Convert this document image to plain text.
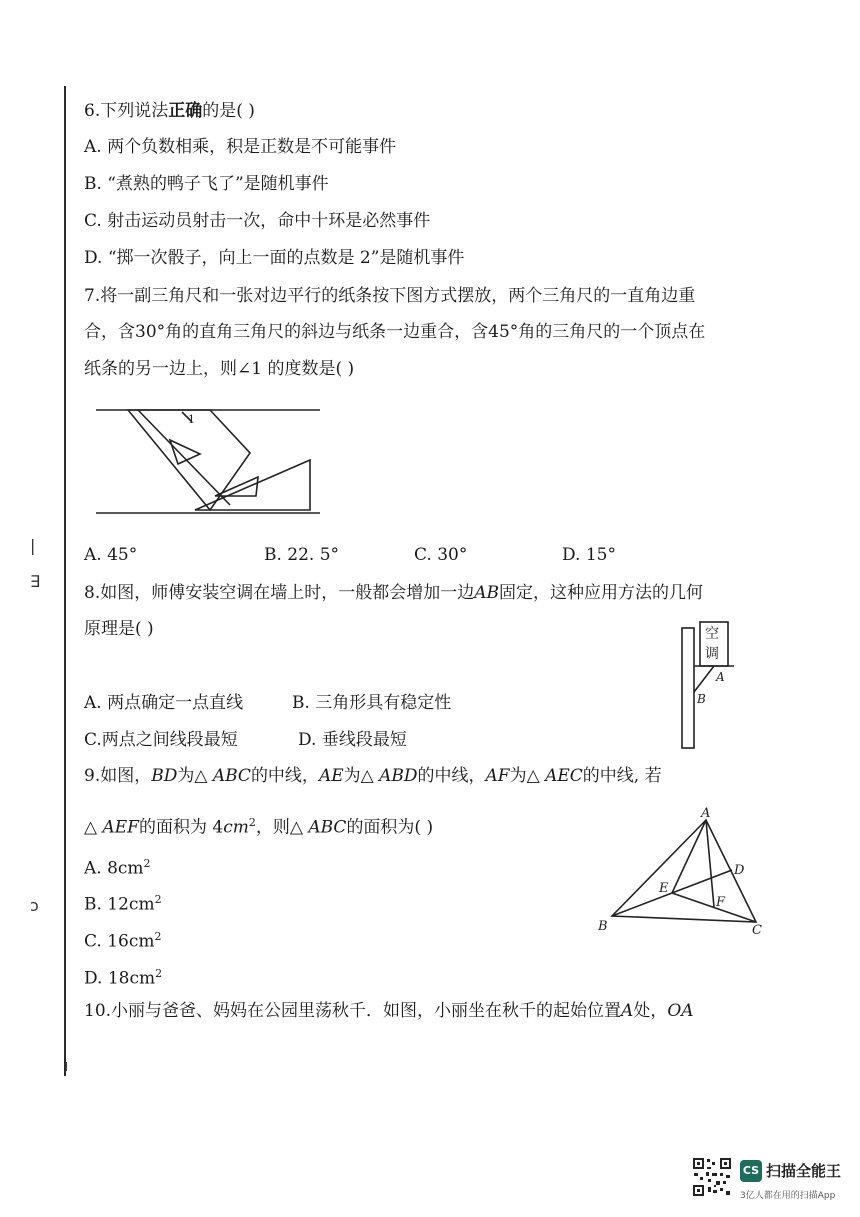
|
∃
ɔ
ı
6.下列说法正确的是( )
A. 两个负数相乘，积是正数是不可能事件
B. “煮熟的鸭子飞了”是随机事件
C. 射击运动员射击一次，命中十环是必然事件
D. “掷一次骰子，向上一面的点数是 2”是随机事件
7.将一副三角尺和一张对边平行的纸条按下图方式摆放，两个三角尺的一直角边重
合，含30°角的直角三角尺的斜边与纸条一边重合，含45°角的三角尺的一个顶点在
纸条的另一边上，则∠1 的度数是( )
1
A. 45°	B. 22. 5°	C. 30°	D. 15°
8.如图，师傅安装空调在墙上时，一般都会增加一边AB固定，这种应用方法的几何
原理是( )	空
调
A
B
A. 两点确定一点直线	B. 三角形具有稳定性
C.两点之间线段最短	D. 垂线段最短
9.如图，BD为△ ABC的中线，AE为△ ABD的中线，AF为△ AEC的中线, 若
△ AEF的面积为 $4cm^2$，则△ ABC的面积为( )
A. $8cm^2$
B. $12cm^2$
C. $16cm^2$
D. $18cm^2$
A
B	C
D
E
F
10.小丽与爸爸、妈妈在公园里荡秋千．如图，小丽坐在秋千的起始位置A处，OA
CS 扫描全能王
3亿人都在用的扫描App
